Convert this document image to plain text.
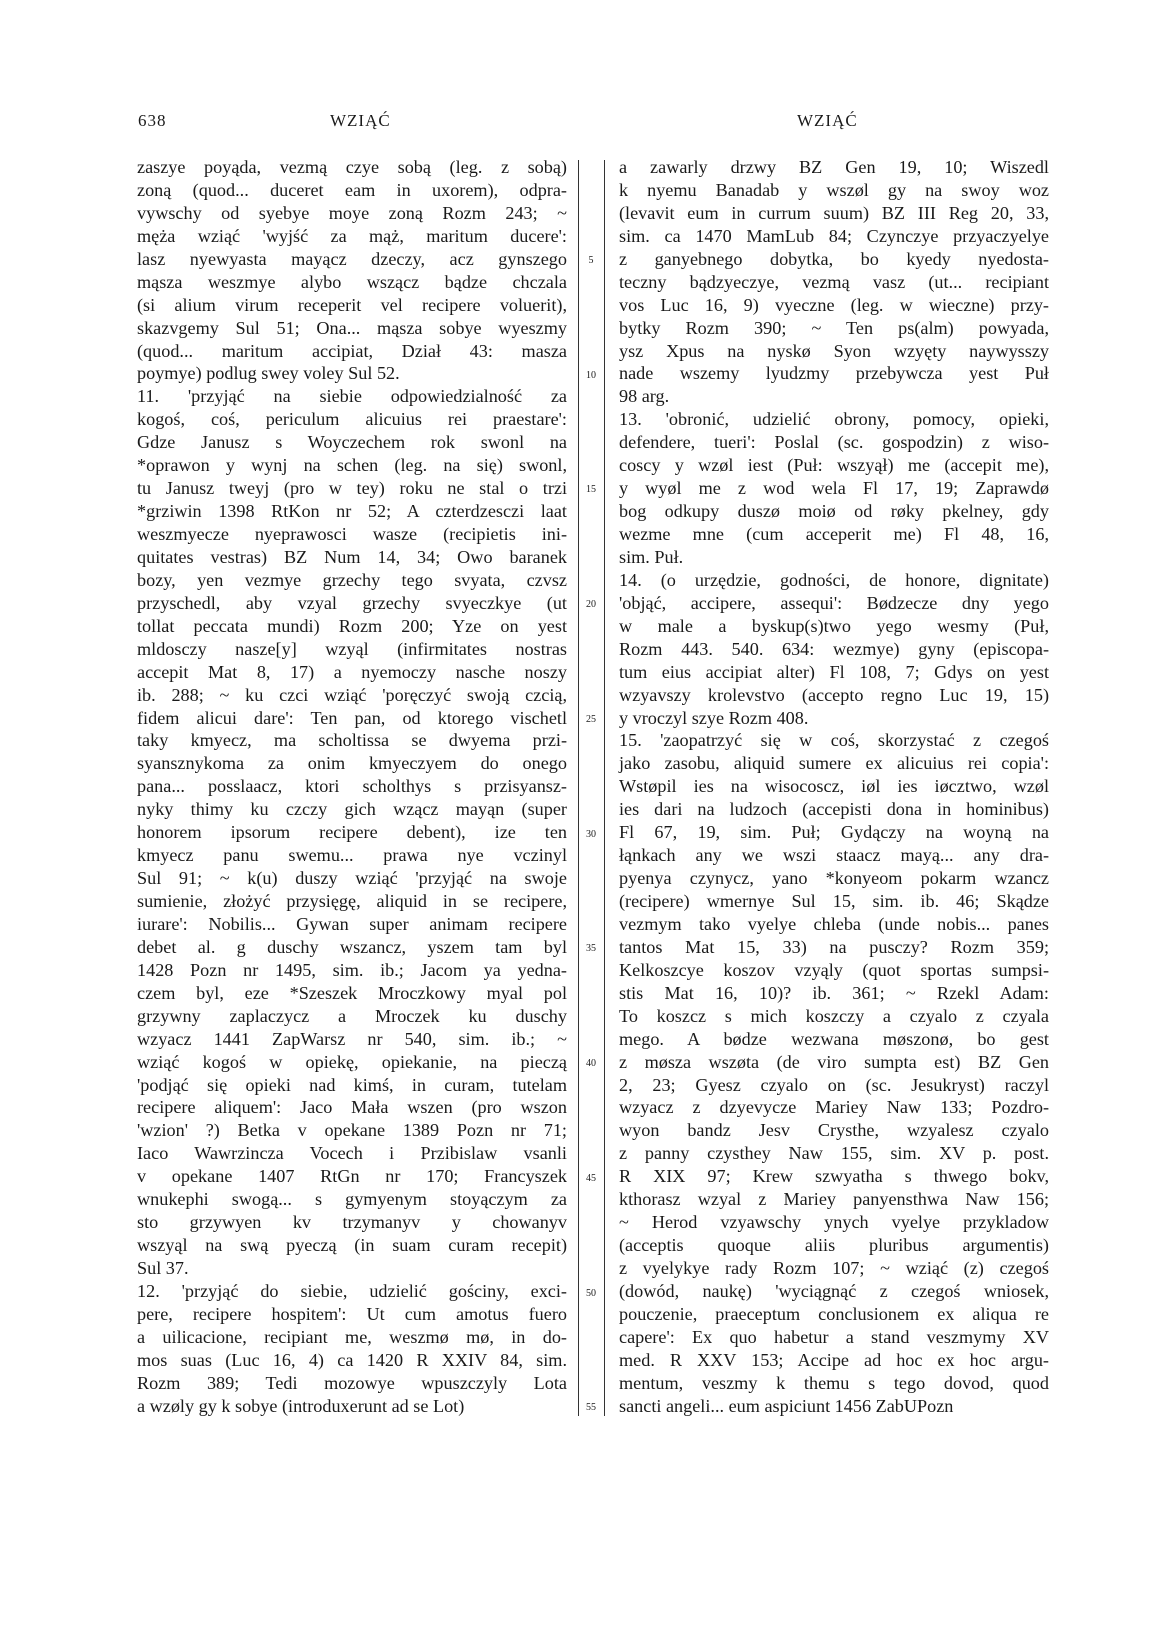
638	WZIĄĆ	WZIĄĆ

zaszye poyąda, vezmą czye sobą (leg. z sobą)

zoną (quod... duceret eam in uxorem), odpra-

vywschy od syebye moye zoną Rozm 243; ~

męża wziąć 'wyjść za mąż, maritum ducere':

lasz nyewyasta mayącz dzeczy, acz gynszego

mąsza weszmye alybo wszącz bądze chczala

(si alium virum receperit vel recipere voluerit),

skazvgemy Sul 51; Ona... mąsza sobye wyeszmy

(quod... maritum accipiat, Dział 43: masza

poymye) podlug swey voley Sul 52.

11. 'przyjąć na siebie odpowiedzialność za

kogoś, coś, periculum alicuius rei praestare':

Gdze Janusz s Woyczechem rok swonl na

*oprawon y wynj na schen (leg. na się) swonl,

tu Janusz tweyj (pro w tey) roku ne stal o trzi

*grziwin 1398 RtKon nr 52; A czterdzesczi laat

weszmyecze nyeprawosci wasze (recipietis ini-

quitates vestras) BZ Num 14, 34; Owo baranek

bozy, yen vezmye grzechy tego svyata, czvsz

przyschedl, aby vzyal grzechy svyeczkye (ut

tollat peccata mundi) Rozm 200; Yze on yest

mldosczy nasze[y] wzyąl (infirmitates nostras

accepit Mat 8, 17) a nyemoczy nasche noszy

ib. 288; ~ ku czci wziąć 'poręczyć swoją czcią,

fidem alicui dare': Ten pan, od ktorego vischetl

taky kmyecz, ma scholtissa se dwyema przi-

syansznykoma za onim kmyeczyem do onego

pana... posslaacz, ktori scholthys s przisyansz-

nyky thimy ku czczy gich wzącz mayąn (super

honorem ipsorum recipere debent), ize ten

kmyecz panu swemu... prawa nye vczinyl

Sul 91; ~ k(u) duszy wziąć 'przyjąć na swoje

sumienie, złożyć przysięgę, aliquid in se recipere,

iurare': Nobilis... Gywan super animam recipere

debet al. g duschy wszancz, yszem tam byl

1428 Pozn nr 1495, sim. ib.; Jacom ya yedna-

czem byl, eze *Szeszek Mroczkowy myal pol

grzywny zaplaczycz a Mroczek ku duschy

wzyacz 1441 ZapWarsz nr 540, sim. ib.; ~

wziąć kogoś w opiekę, opiekanie, na pieczą

'podjąć się opieki nad kimś, in curam, tutelam

recipere aliquem': Jaco Mała wszen (pro wszon

'wzion' ?) Betka v opekane 1389 Pozn nr 71;

Iaco Wawrzincza Vocech i Przibislaw vsanli

v opekane 1407 RtGn nr 170; Francyszek

wnukephi swogą... s gymyenym stoyączym za

sto grzywyen kv trzymanyv y chowanyv

wszyąl na swą pyeczą (in suam curam recepit)

Sul 37.

12. 'przyjąć do siebie, udzielić gościny, exci-

pere, recipere hospitem': Ut cum amotus fuero

a uilicacione, recipiant me, weszmø mø, in do-

mos suas (Luc 16, 4) ca 1420 R XXIV 84, sim.

Rozm 389; Tedi mozowye wpuszczyly Lota

a wzøly gy k sobye (introduxerunt ad se Lot)

5
10
15
20
25
30
35
40
45
50
55

a zawarly drzwy BZ Gen 19, 10; Wiszedl

k nyemu Banadab y wszøl gy na swoy woz

(levavit eum in currum suum) BZ III Reg 20, 33,

sim. ca 1470 MamLub 84; Czynczye przyaczyelye

z ganyebnego dobytka, bo kyedy nyedosta-

teczny bądzyeczye, vezmą vasz (ut... recipiant

vos Luc 16, 9) vyeczne (leg. w wieczne) przy-

bytky Rozm 390; ~ Ten ps(alm) powyada,

ysz Xpus na nyskø Syon wzyęty naywysszy

nade wszemy lyudzmy przebywcza yest Puł

98 arg.

13. 'obronić, udzielić obrony, pomocy, opieki,

defendere, tueri': Poslal (sc. gospodzin) z wiso-

coscy y wzøl iest (Puł: wszyął) me (accepit me),

y wyøl me z wod wela Fl 17, 19; Zaprawdø

bog odkupy duszø moiø od røky pkelney, gdy

wezme mne (cum acceperit me) Fl 48, 16,

sim. Puł.

14. (o urzędzie, godności, de honore, dignitate)

'objąć, accipere, assequi': Bødzecze dny yego

w male a byskup(s)two yego wesmy (Puł,

Rozm 443. 540. 634: wezmye) gyny (episcopa-

tum eius accipiat alter) Fl 108, 7; Gdys on yest

wzyavszy krolevstvo (accepto regno Luc 19, 15)

y vroczyl szye Rozm 408.

15. 'zaopatrzyć się w coś, skorzystać z czegoś

jako zasobu, aliquid sumere ex alicuius rei copia':

Wstøpil ies na wisocoscz, iøl ies iøcztwo, wzøl

ies dari na ludzoch (accepisti dona in hominibus)

Fl 67, 19, sim. Puł; Gydączy na woyną na

łąnkach any we wszi staacz mayą... any dra-

pyenya czynycz, yano *konyeom pokarm wzancz

(recipere) wmernye Sul 15, sim. ib. 46; Skądze

vezmym tako vyelye chleba (unde nobis... panes

tantos Mat 15, 33) na pusczy? Rozm 359;

Kelkoszcye koszov vzyąly (quot sportas sumpsi-

stis Mat 16, 10)? ib. 361; ~ Rzekl Adam:

To koszcz s mich koszczy a czyalo z czyala

mego. A bødze wezwana møszonø, bo gest

z møsza wszøta (de viro sumpta est) BZ Gen

2, 23; Gyesz czyalo on (sc. Jesukryst) raczyl

wzyacz z dzyevycze Mariey Naw 133; Pozdro-

wyon bandz Jesv Crysthe, wzyalesz czyalo

z panny czysthey Naw 155, sim. XV p. post.

R XIX 97; Krew szwyatha s thwego bokv,

kthorasz wzyal z Mariey panyensthwa Naw 156;

~ Herod vzyawschy ynych vyelye przykladow

(acceptis quoque aliis pluribus argumentis)

z vyelykye rady Rozm 107; ~ wziąć (z) czegoś

(dowód, naukę) 'wyciągnąć z czegoś wniosek,

pouczenie, praeceptum conclusionem ex aliqua re

capere': Ex quo habetur a stand veszmymy XV

med. R XXV 153; Accipe ad hoc ex hoc argu-

mentum, veszmy k themu s tego dovod, quod

sancti angeli... eum aspiciunt 1456 ZabUPozn
